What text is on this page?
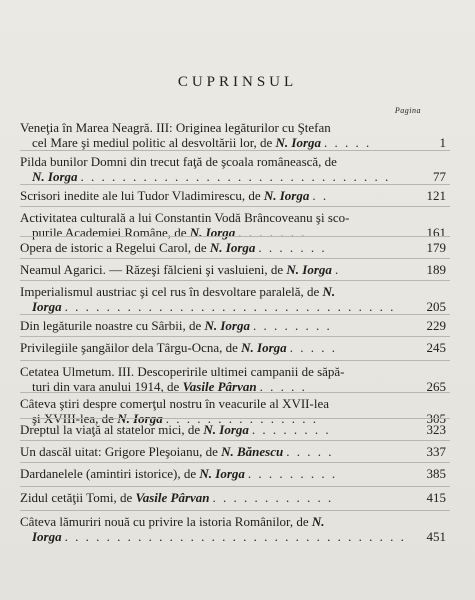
CUPRINSUL
Pagina
Veneţia în Marea Neagră. III: Originea legăturilor cu Ştefan
cel Mare şi mediul politic al desvoltării lor, de N. Iorga . . . . .	1
Pilda bunilor Domni din trecut faţă de şcoala românească, de
N. Iorga . . . . . . . . . . . . . . . . . . . . . . . . . . . . . .	77
Scrisori inedite ale lui Tudor Vladimirescu, de N. Iorga . .	121
Activitatea culturală a lui Constantin Vodă Brâncoveanu şi sco-
purile Academiei Române, de N. Iorga . . . . . . .	161
Opera de istoric a Regelui Carol, de N. Iorga . . . . . . .	179
Neamul Agarici. — Răzeşi fălcieni şi vasluieni, de N. Iorga .	189
Imperialismul austriac şi cel rus în desvoltare paralelă, de N.
Iorga . . . . . . . . . . . . . . . . . . . . . . . . . . . . . . . . 205
Din legăturile noastre cu Sârbii, de N. Iorga . . . . . . . .	229
Privilegiile şangăilor dela Târgu-Ocna, de N. Iorga . . . . .	245
Cetatea Ulmetum. III. Descoperirile ultimei campanii de săpă-
turi din vara anului 1914, de Vasile Pârvan . . . . .	265
Câteva ştiri despre comerţul nostru în veacurile al XVII-lea
şi XVIII-lea, de N. Iorga . . . . . . . . . . . . . . .	305
Dreptul la viaţă al statelor mici, de N. Iorga . . . . . . . .	323
Un dascăl uitat: Grigore Pleşoianu, de N. Bănescu . . . . .	337
Dardanelele (amintiri istorice), de N. Iorga . . . . . . . . .	385
Zidul cetăţii Tomi, de Vasile Pârvan . . . . . . . . . . . .	415
Câteva lămuriri nouă cu privire la istoria Românilor, de N.
Iorga . . . . . . . . . . . . . . . . . . . . . . . . . . . . . . . . . 451
